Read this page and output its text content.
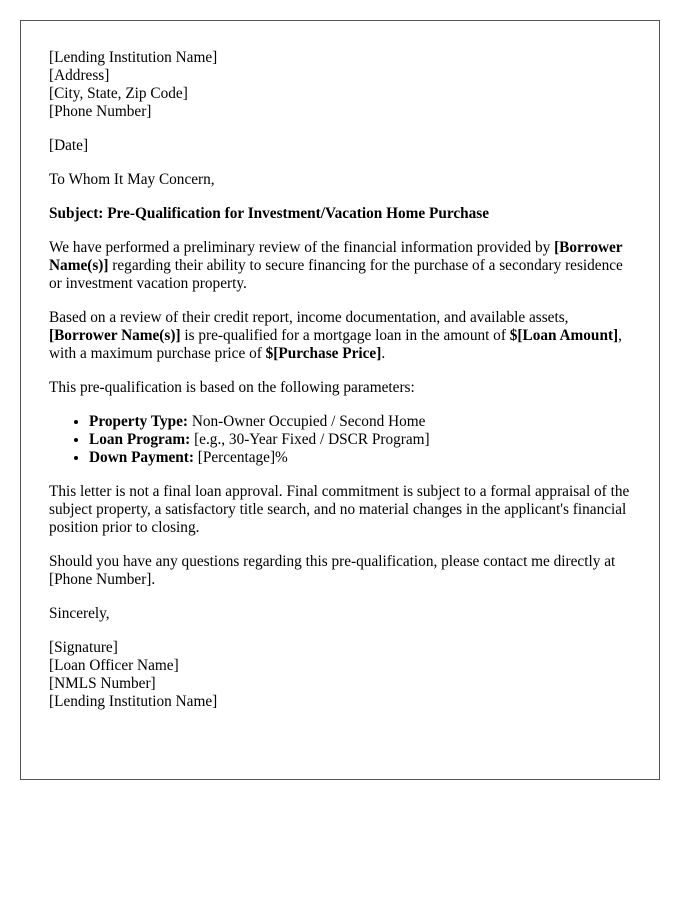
[Lending Institution Name]
[Address]
[City, State, Zip Code]
[Phone Number]

[Date]

To Whom It May Concern,

Subject: Pre-Qualification for Investment/Vacation Home Purchase

We have performed a preliminary review of the financial information provided by [Borrower Name(s)] regarding their ability to secure financing for the purchase of a secondary residence or investment vacation property.

Based on a review of their credit report, income documentation, and available assets, [Borrower Name(s)] is pre-qualified for a mortgage loan in the amount of $[Loan Amount], with a maximum purchase price of $[Purchase Price].

This pre-qualification is based on the following parameters:

• Property Type: Non-Owner Occupied / Second Home
• Loan Program: [e.g., 30-Year Fixed / DSCR Program]
• Down Payment: [Percentage]%

This letter is not a final loan approval. Final commitment is subject to a formal appraisal of the subject property, a satisfactory title search, and no material changes in the applicant's financial position prior to closing.

Should you have any questions regarding this pre-qualification, please contact me directly at [Phone Number].

Sincerely,

[Signature]
[Loan Officer Name]
[NMLS Number]
[Lending Institution Name]
